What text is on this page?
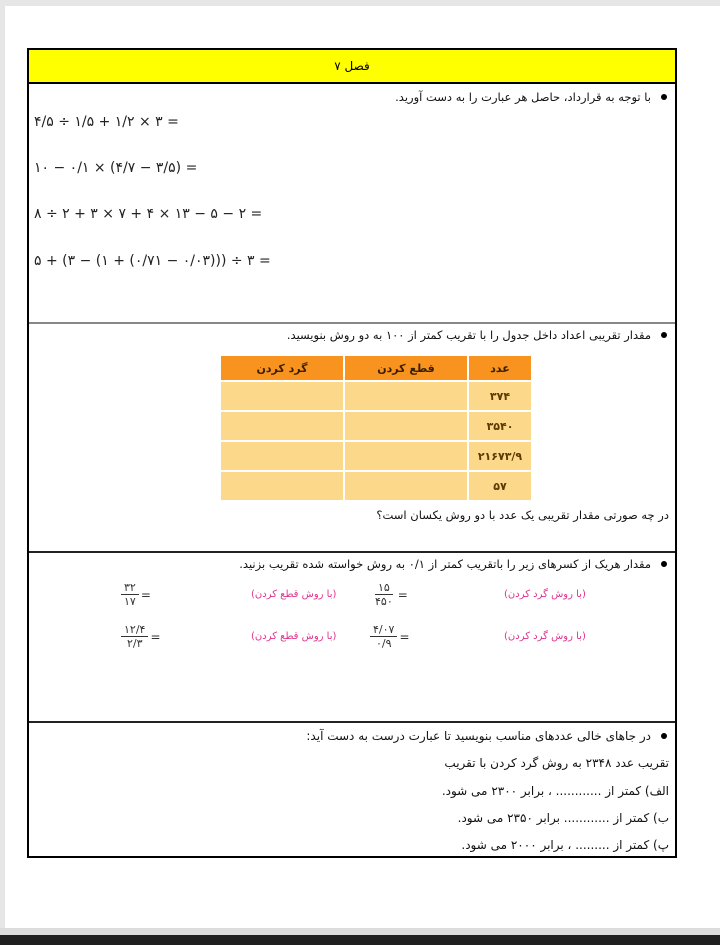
فصل ۷
با توجه به قرارداد، حاصل هر عبارت را به دست آورید.
۴/۵ ÷ ۱/۵ + ۱/۲ × ۳ =
۱۰ − ۰/۱ × (۴/۷ − ۳/۵) =
۸ ÷ ۲ + ۳ × ۷ + ۴ × ۱۳ − ۵ − ۲ =
۵ + (۳ − (۱ + (۰/۷۱ − ۰/۰۳))) ÷ ۳ =
مقدار تقریبی اعداد داخل جدول را با تقریب کمتر از ۱۰۰ به دو روش بنویسید.
عدد	قطع کردن	گرد کردن
۳۷۴		
۳۵۴۰		
۲۱۶۷۳/۹		
۵۷		
در چه صورتی مقدار تقریبی یک عدد با دو روش یکسان است؟
مقدار هریک از کسرهای زیر را باتقریب کمتر از ۰/۱ به روش خواسته شده تقریب بزنید.
(با روش گرد کردن)
$\frac{۱۵}{۴۵۰}$ =
(با روش قطع کردن)
$\frac{۳۲}{۱۷}$ =
(با روش گرد کردن)
$\frac{۴/۰۷}{۰/۹}$ =
(با روش قطع کردن)
$\frac{۱۲/۴}{۲/۳}$ =
در جاهای خالی عددهای مناسب بنویسید تا عبارت درست به دست آید:
تقریب عدد ۲۳۴۸ به روش گرد کردن با تقریب
الف) کمتر از ............ ، برابر ۲۳۰۰ می شود.
ب) کمتر از ............ برابر ۲۳۵۰ می شود.
پ) کمتر از ......... ، برابر ۲۰۰۰ می شود.
